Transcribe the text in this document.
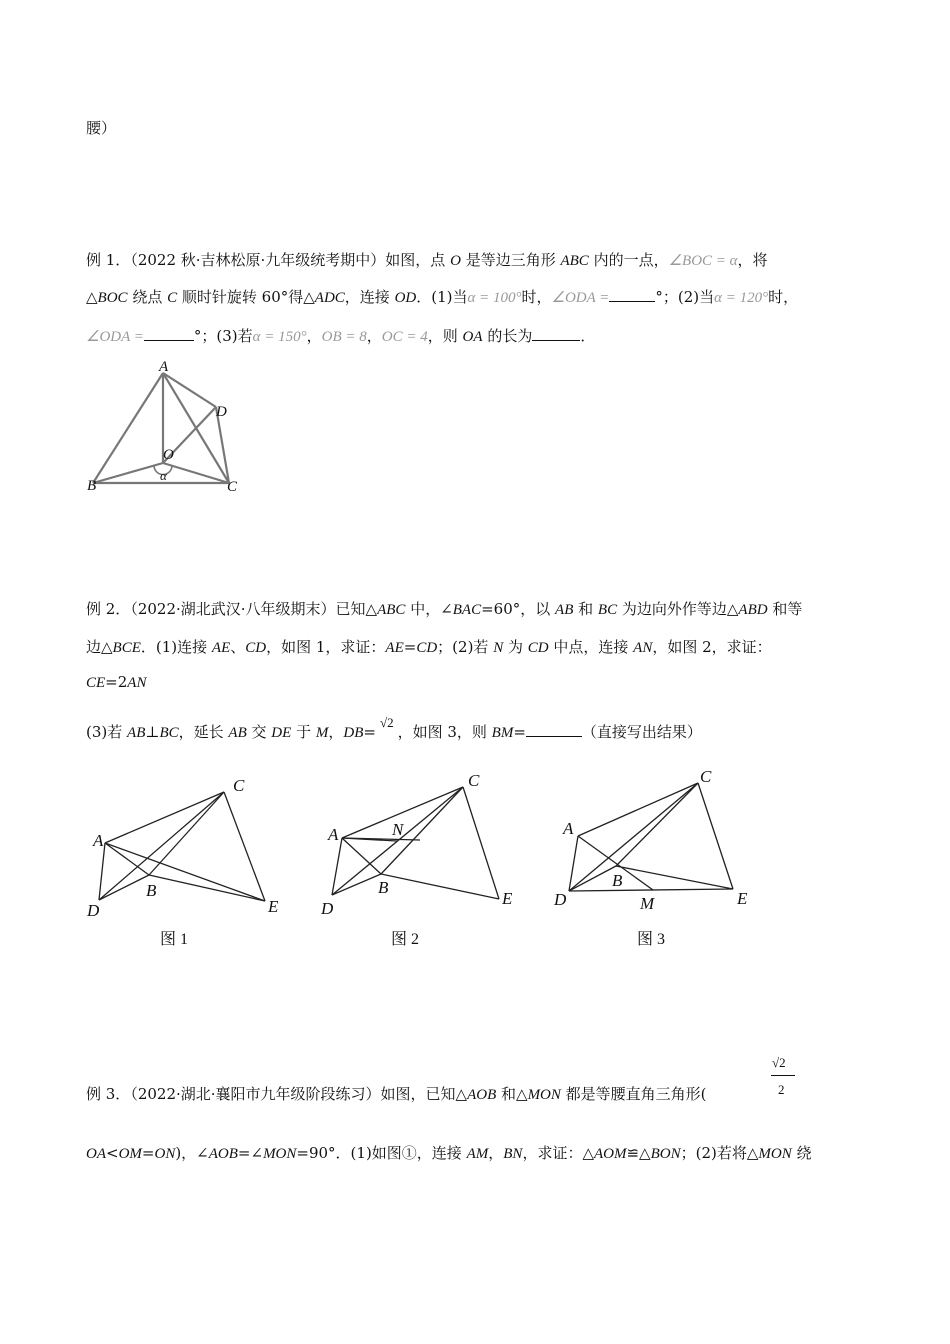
腰）
例 1．（2022 秋·吉林松原·九年级统考期中）如图，点 O 是等边三角形 ABC 内的一点，∠BOC = α，将
△BOC 绕点 C 顺时针旋转 60°得△ADC，连接 OD．(1)当α = 100°时，∠ODA =	°；(2)当α = 120°时，
∠ODA =	°；(3)若α = 150°，OB = 8，OC = 4，则 OA 的长为	．
A
D
O
α
B	C
例 2．（2022·湖北武汉·八年级期末）已知△ABC 中，∠BAC=60°，以 AB 和 BC 为边向外作等边△ABD 和等
边△BCE．(1)连接 AE、CD，如图 1，求证：AE=CD；(2)若 N 为 CD 中点，连接 AN，如图 2，求证：
CE=2AN
(3)若 AB⊥BC，延长 AB 交 DE 于 M，DB=√2，如图 3，则 BM=	（直接写出结果）
C
A
B
D	E
C
A	N
B
D
E
C
A
B
D	M	E
图 1	图 2	图 3
例 3．（2022·湖北·襄阳市九年级阶段练习）如图，已知△AOB 和△MON 都是等腰直角三角形(
√2
2
OA<OM=ON)，∠AOB=∠MON=90°．(1)如图①，连接 AM，BN，求证：△AOM≌△BON；(2)若将△MON 绕
